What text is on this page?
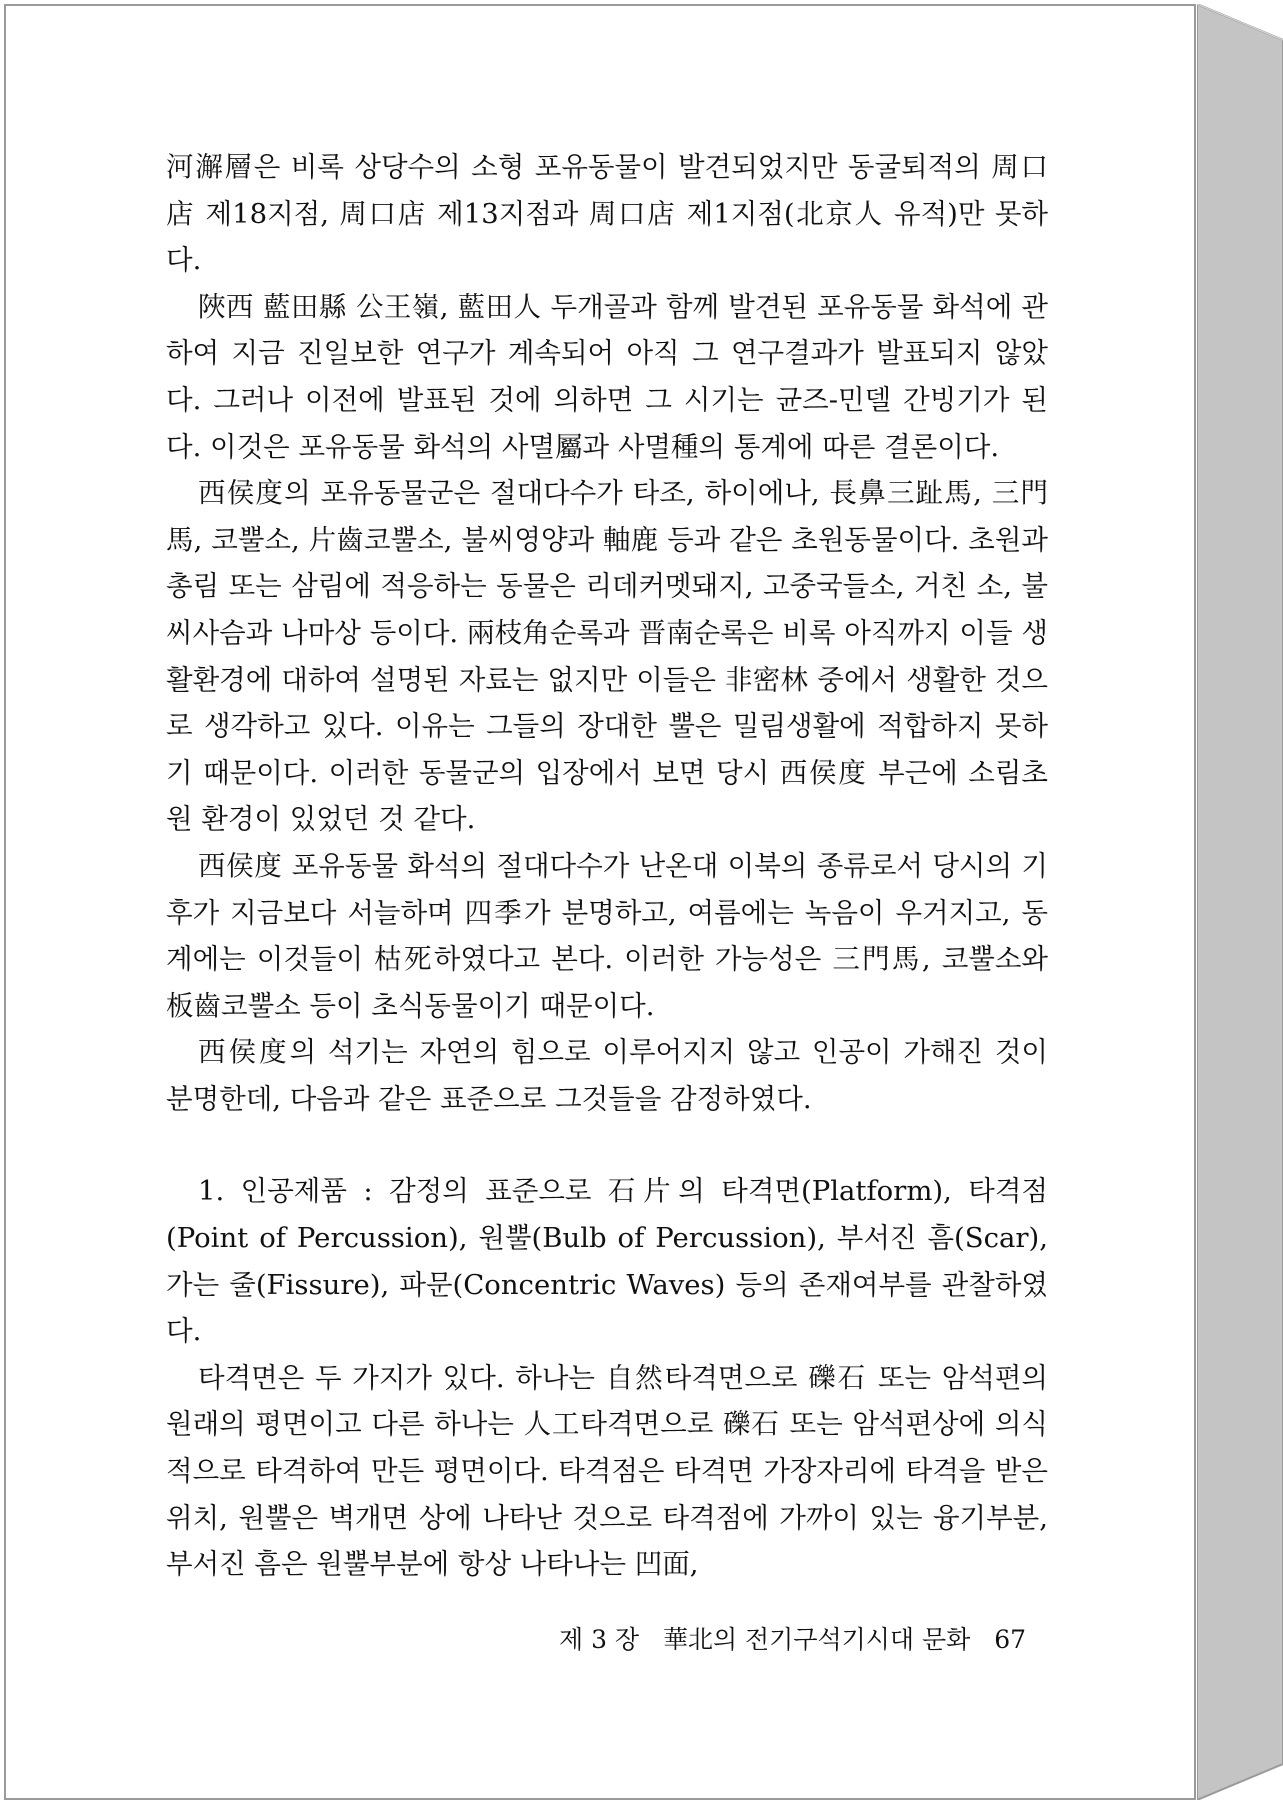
河澥層은 비록 상당수의 소형 포유동물이 발견되었지만 동굴퇴적의 周口店 제18지점, 周口店 제13지점과 周口店 제1지점(北京人 유적)만 못하다.

陜西 藍田縣 公王嶺, 藍田人 두개골과 함께 발견된 포유동물 화석에 관하여 지금 진일보한 연구가 계속되어 아직 그 연구결과가 발표되지 않았다. 그러나 이전에 발표된 것에 의하면 그 시기는 균즈-민델 간빙기가 된다. 이것은 포유동물 화석의 사멸屬과 사멸種의 통계에 따른 결론이다.

西侯度의 포유동물군은 절대다수가 타조, 하이에나, 長鼻三趾馬, 三門馬, 코뿔소, 片齒코뿔소, 불씨영양과 軸鹿 등과 같은 초원동물이다. 초원과 총림 또는 삼림에 적응하는 동물은 리데커멧돼지, 고중국들소, 거친 소, 불씨사슴과 나마상 등이다. 兩枝角순록과 晋南순록은 비록 아직까지 이들 생활환경에 대하여 설명된 자료는 없지만 이들은 非密林 중에서 생활한 것으로 생각하고 있다. 이유는 그들의 장대한 뿔은 밀림생활에 적합하지 못하기 때문이다. 이러한 동물군의 입장에서 보면 당시 西侯度 부근에 소림초원 환경이 있었던 것 같다.

西侯度 포유동물 화석의 절대다수가 난온대 이북의 종류로서 당시의 기후가 지금보다 서늘하며 四季가 분명하고, 여름에는 녹음이 우거지고, 동계에는 이것들이 枯死하였다고 본다. 이러한 가능성은 三門馬, 코뿔소와 板齒코뿔소 등이 초식동물이기 때문이다.

西侯度의 석기는 자연의 힘으로 이루어지지 않고 인공이 가해진 것이 분명한데, 다음과 같은 표준으로 그것들을 감정하였다.

1. 인공제품 : 감정의 표준으로 石片의 타격면(Platform), 타격점(Point of Percussion), 원뿔(Bulb of Percussion), 부서진 흠(Scar), 가는 줄(Fissure), 파문(Concentric Waves) 등의 존재여부를 관찰하였다.

타격면은 두 가지가 있다. 하나는 自然타격면으로 礫石 또는 암석편의 원래의 평면이고 다른 하나는 人工타격면으로 礫石 또는 암석편상에 의식적으로 타격하여 만든 평면이다. 타격점은 타격면 가장자리에 타격을 받은 위치, 원뿔은 벽개면 상에 나타난 것으로 타격점에 가까이 있는 융기부분, 부서진 흠은 원뿔부분에 항상 나타나는 凹面,

제 3 장 華北의 전기구석기시대 문화 67
